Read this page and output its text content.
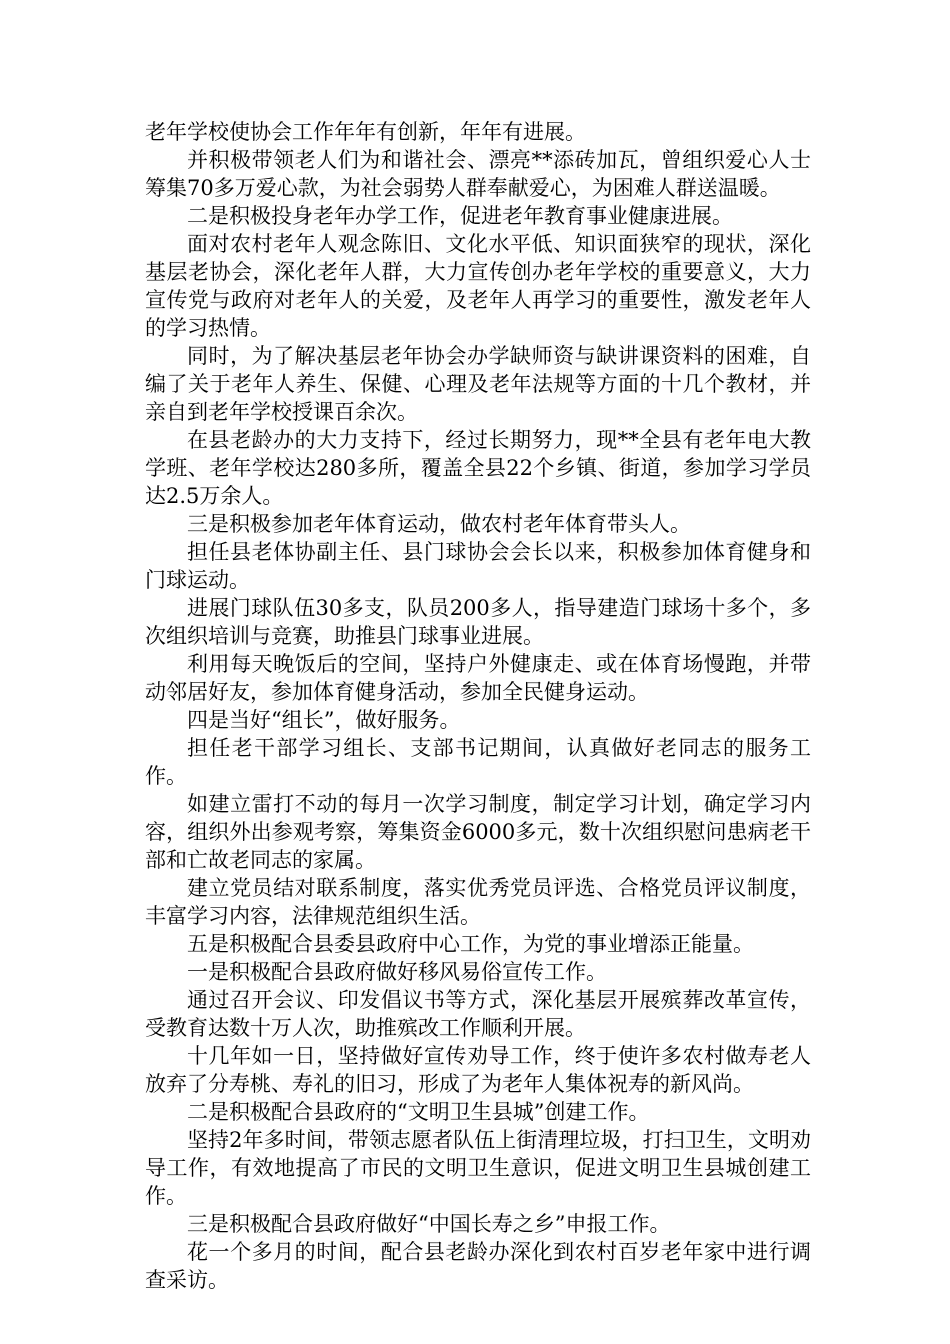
老年学校使协会工作年年有创新，年年有进展。

并积极带领老人们为和谐社会、漂亮**添砖加瓦，曾组织爱心人士筹集70多万爱心款，为社会弱势人群奉献爱心，为困难人群送温暖。

二是积极投身老年办学工作，促进老年教育事业健康进展。

面对农村老年人观念陈旧、文化水平低、知识面狭窄的现状，深化基层老协会，深化老年人群，大力宣传创办老年学校的重要意义，大力宣传党与政府对老年人的关爱，及老年人再学习的重要性，激发老年人的学习热情。

同时，为了解决基层老年协会办学缺师资与缺讲课资料的困难，自编了关于老年人养生、保健、心理及老年法规等方面的十几个教材，并亲自到老年学校授课百余次。

在县老龄办的大力支持下，经过长期努力，现**全县有老年电大教学班、老年学校达280多所，覆盖全县22个乡镇、街道，参加学习学员达2.5万余人。

三是积极参加老年体育运动，做农村老年体育带头人。

担任县老体协副主任、县门球协会会长以来，积极参加体育健身和门球运动。

进展门球队伍30多支，队员200多人，指导建造门球场十多个，多次组织培训与竞赛，助推县门球事业进展。

利用每天晚饭后的空间，坚持户外健康走、或在体育场慢跑，并带动邻居好友，参加体育健身活动，参加全民健身运动。

四是当好“组长”，做好服务。

担任老干部学习组长、支部书记期间，认真做好老同志的服务工作。

如建立雷打不动的每月一次学习制度，制定学习计划，确定学习内容，组织外出参观考察，筹集资金6000多元，数十次组织慰问患病老干部和亡故老同志的家属。

建立党员结对联系制度，落实优秀党员评选、合格党员评议制度，丰富学习内容，法律规范组织生活。

五是积极配合县委县政府中心工作，为党的事业增添正能量。

一是积极配合县政府做好移风易俗宣传工作。

通过召开会议、印发倡议书等方式，深化基层开展殡葬改革宣传，受教育达数十万人次，助推殡改工作顺利开展。

十几年如一日，坚持做好宣传劝导工作，终于使许多农村做寿老人放弃了分寿桃、寿礼的旧习，形成了为老年人集体祝寿的新风尚。

二是积极配合县政府的“文明卫生县城”创建工作。

坚持2年多时间，带领志愿者队伍上街清理垃圾，打扫卫生，文明劝导工作，有效地提高了市民的文明卫生意识，促进文明卫生县城创建工作。

三是积极配合县政府做好“中国长寿之乡”申报工作。

花一个多月的时间，配合县老龄办深化到农村百岁老年家中进行调查采访。
